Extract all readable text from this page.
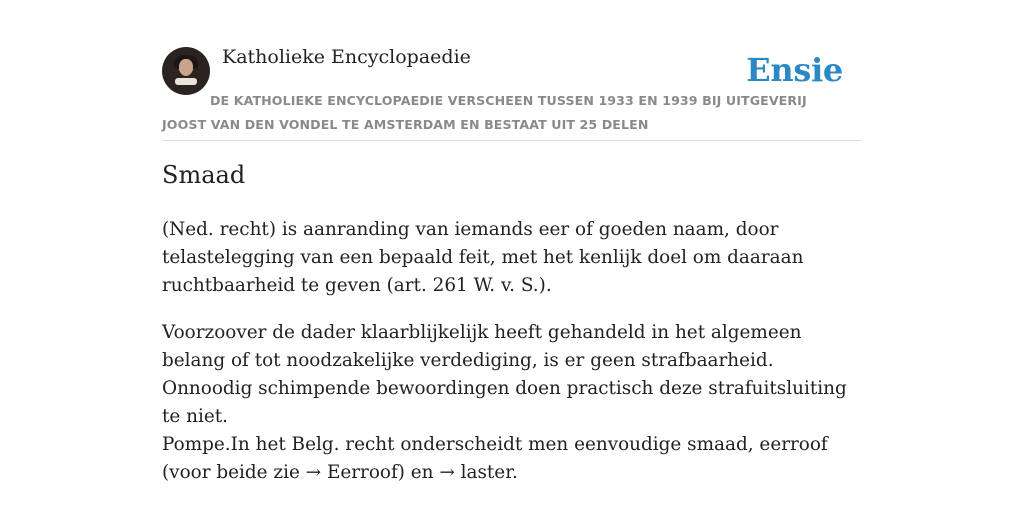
Katholieke Encyclopaedie	Ensie
DE KATHOLIEKE ENCYCLOPAEDIE VERSCHEEN TUSSEN 1933 EN 1939 BIJ UITGEVERIJ JOOST VAN DEN VONDEL TE AMSTERDAM EN BESTAAT UIT 25 DELEN
Smaad

(Ned. recht) is aanranding van iemands eer of goeden naam, door telastelegging van een bepaald feit, met het kenlijk doel om daaraan ruchtbaarheid te geven (art. 261 W. v. S.).

Voorzoover de dader klaarblijkelijk heeft gehandeld in het algemeen belang of tot noodzakelijke verdediging, is er geen strafbaarheid. Onnoodig schimpende bewoordingen doen practisch deze strafuitsluiting te niet.

Pompe.In het Belg. recht onderscheidt men eenvoudige smaad, eerroof (voor beide zie → Eerroof) en → laster.
